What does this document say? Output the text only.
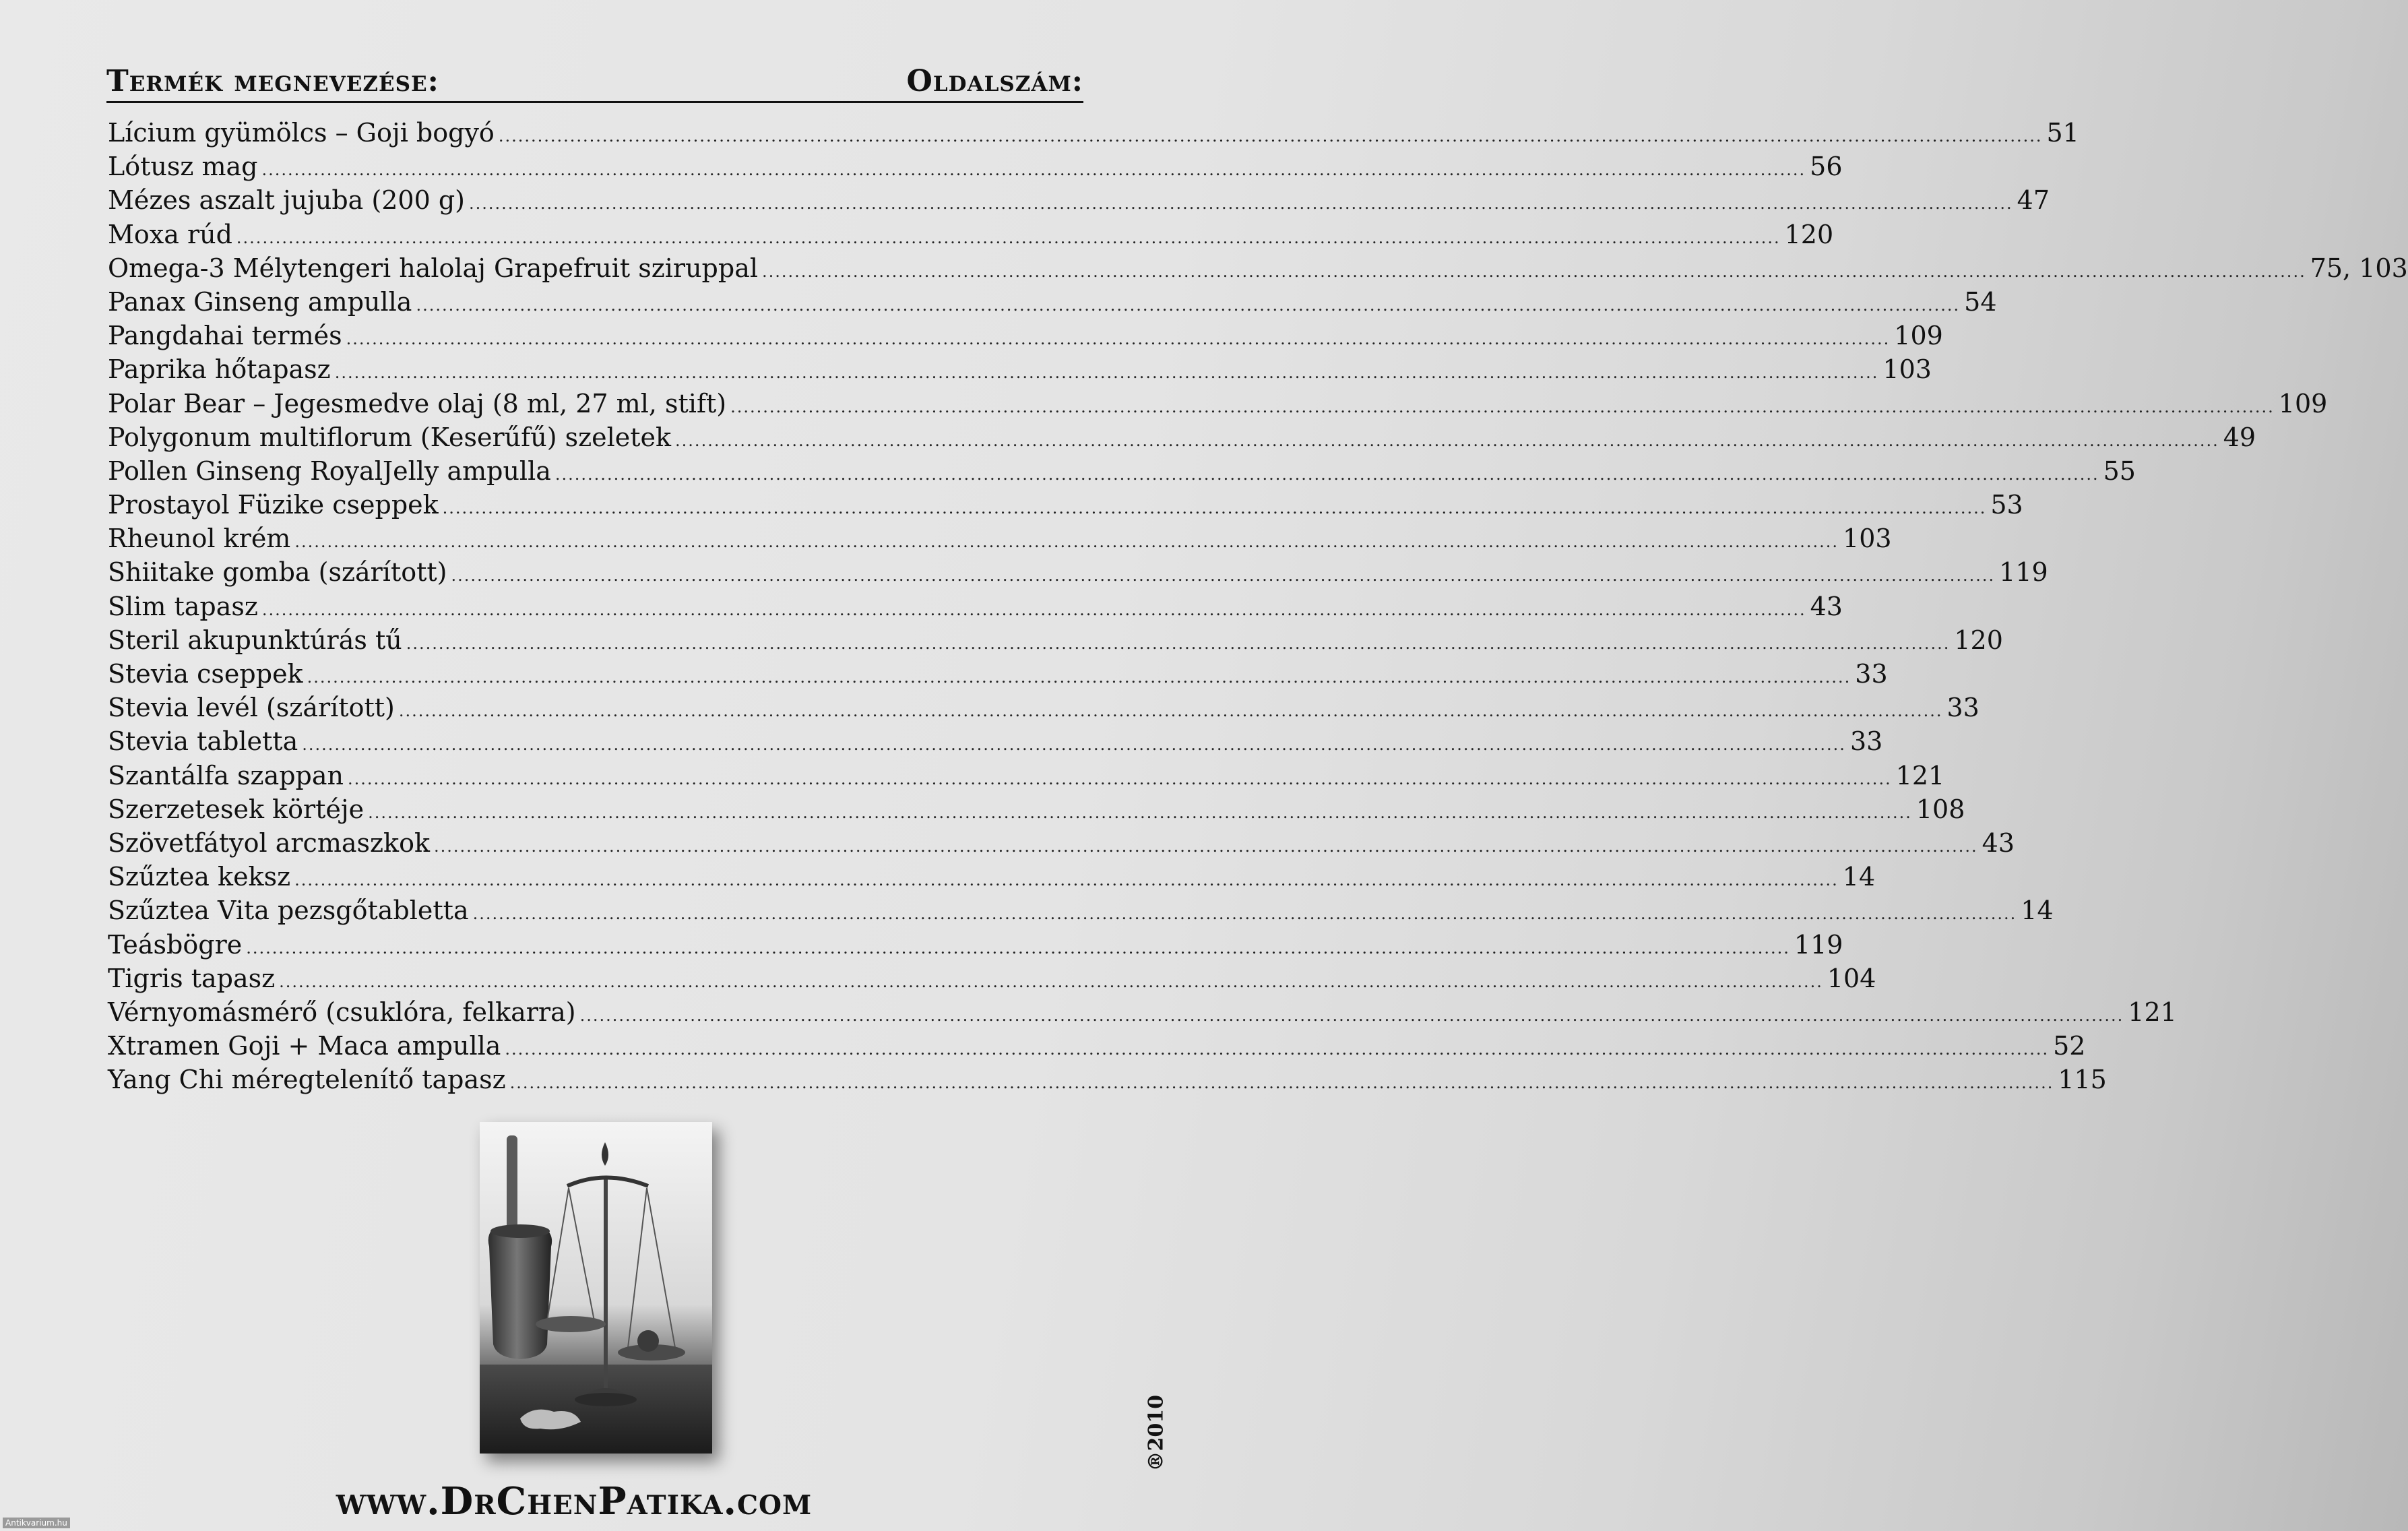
Termék megnevezése:	Oldalszám:
Lícium gyümölcs – Goji bogyó .....	51
Lótusz mag .....	56
Mézes aszalt jujuba (200 g) .....	47
Moxa rúd .....	120
Omega-3 Mélytengeri halolaj Grapefruit sziruppal .....	75, 103
Panax Ginseng ampulla .....	54
Pangdahai termés .....	109
Paprika hőtapasz .....	103
Polar Bear – Jegesmedve olaj (8 ml, 27 ml, stift) .....	109
Polygonum multiflorum (Keserűfű) szeletek .....	49
Pollen Ginseng RoyalJelly ampulla .....	55
Prostayol Füzike cseppek .....	53
Rheunol krém .....	103
Shiitake gomba (szárított) .....	119
Slim tapasz .....	43
Steril akupunktúrás tű .....	120
Stevia cseppek .....	33
Stevia levél (szárított) .....	33
Stevia tabletta .....	33
Szantálfa szappan .....	121
Szerzetesek körtéje .....	108
Szövetfátyol arcmaszkok .....	43
Szűztea keksz .....	14
Szűztea Vita pezsgőtabletta .....	14
Teásbögre .....	119
Tigris tapasz .....	104
Vérnyomásmérő (csuklóra, felkarra) .....	121
Xtramen Goji + Maca ampulla .....	52
Yang Chi méregtelenítő tapasz .....	115
www.DrChenPatika.com
®2010
Antikvarium.hu
